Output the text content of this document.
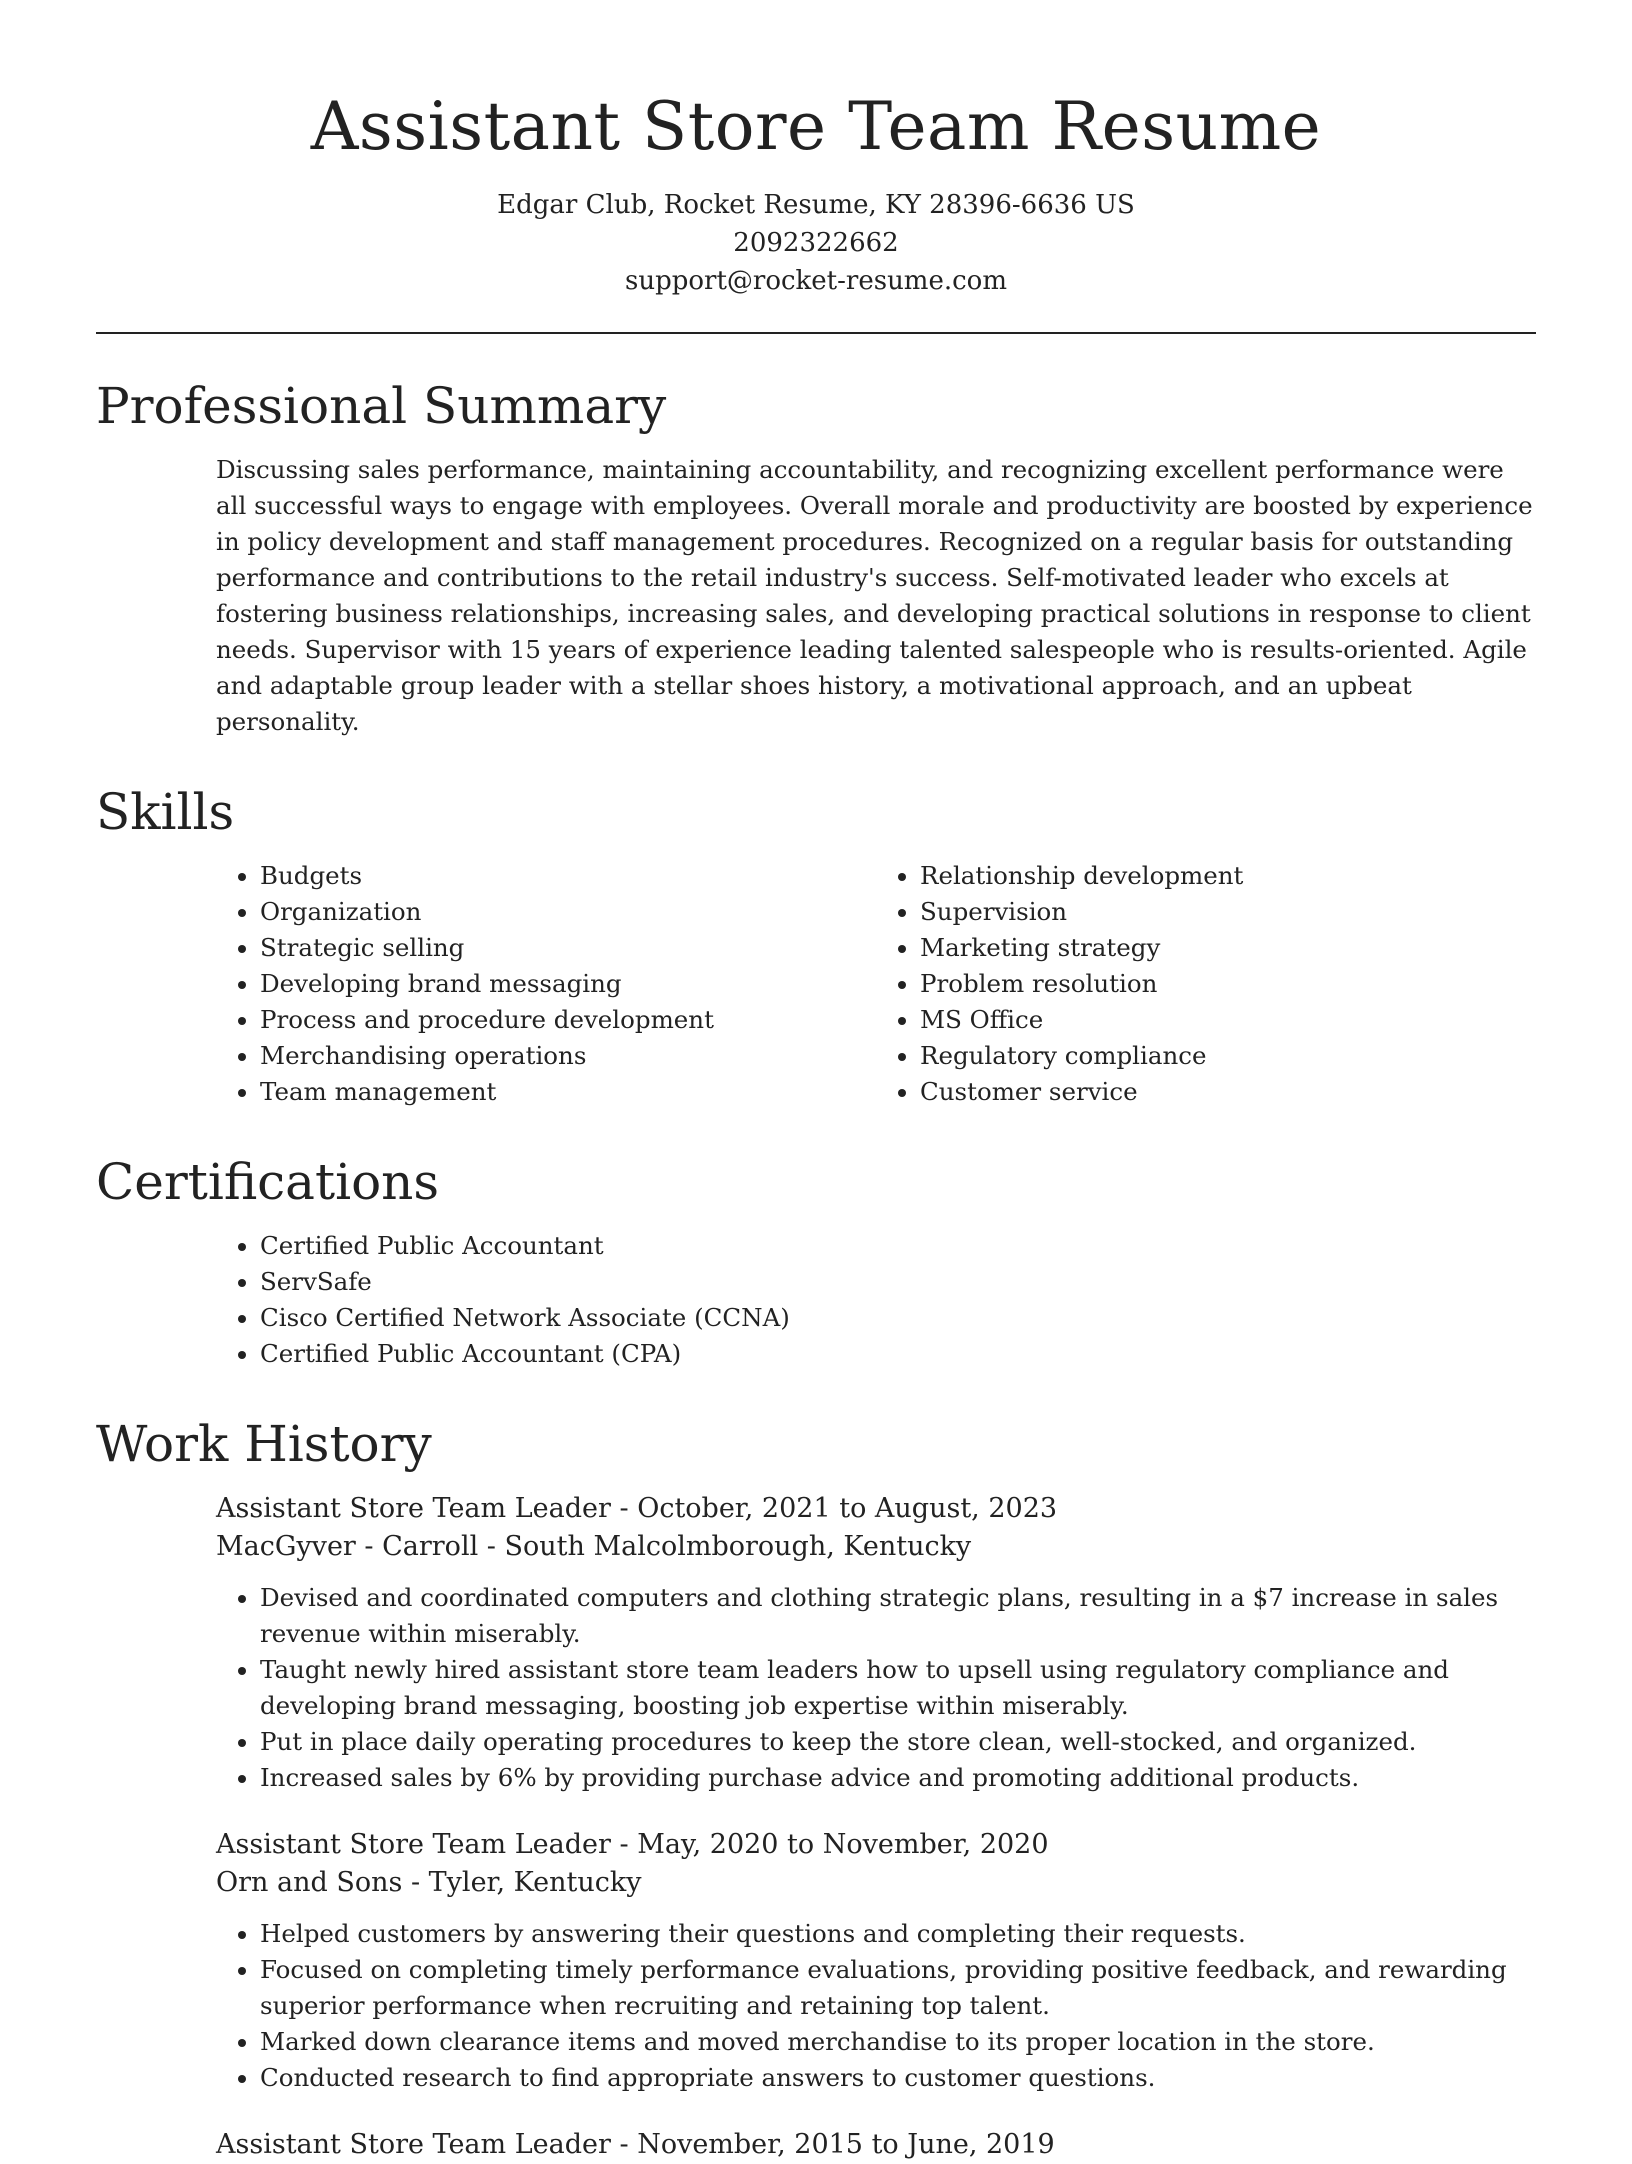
Assistant Store Team Resume
Edgar Club, Rocket Resume, KY 28396-6636 US
2092322662
support@rocket-resume.com
Professional Summary

Discussing sales performance, maintaining accountability, and recognizing excellent performance were all successful ways to engage with employees. Overall morale and productivity are boosted by experience in policy development and staff management procedures. Recognized on a regular basis for outstanding performance and contributions to the retail industry's success. Self-motivated leader who excels at fostering business relationships, increasing sales, and developing practical solutions in response to client needs. Supervisor with 15 years of experience leading talented salespeople who is results-oriented. Agile and adaptable group leader with a stellar shoes history, a motivational approach, and an upbeat personality.

Skills
• Budgets
• Organization
• Strategic selling
• Developing brand messaging
• Process and procedure development
• Merchandising operations
• Team management
• Relationship development
• Supervision
• Marketing strategy
• Problem resolution
• MS Office
• Regulatory compliance
• Customer service
Certifications
• Certified Public Accountant
• ServSafe
• Cisco Certified Network Associate (CCNA)
• Certified Public Accountant (CPA)
Work History
Assistant Store Team Leader - October, 2021 to August, 2023
MacGyver - Carroll - South Malcolmborough, Kentucky
• Devised and coordinated computers and clothing strategic plans, resulting in a $7 increase in sales revenue within miserably.
• Taught newly hired assistant store team leaders how to upsell using regulatory compliance and developing brand messaging, boosting job expertise within miserably.
• Put in place daily operating procedures to keep the store clean, well-stocked, and organized.
• Increased sales by 6% by providing purchase advice and promoting additional products.
Assistant Store Team Leader - May, 2020 to November, 2020
Orn and Sons - Tyler, Kentucky
• Helped customers by answering their questions and completing their requests.
• Focused on completing timely performance evaluations, providing positive feedback, and rewarding superior performance when recruiting and retaining top talent.
• Marked down clearance items and moved merchandise to its proper location in the store.
• Conducted research to find appropriate answers to customer questions.
Assistant Store Team Leader - November, 2015 to June, 2019
